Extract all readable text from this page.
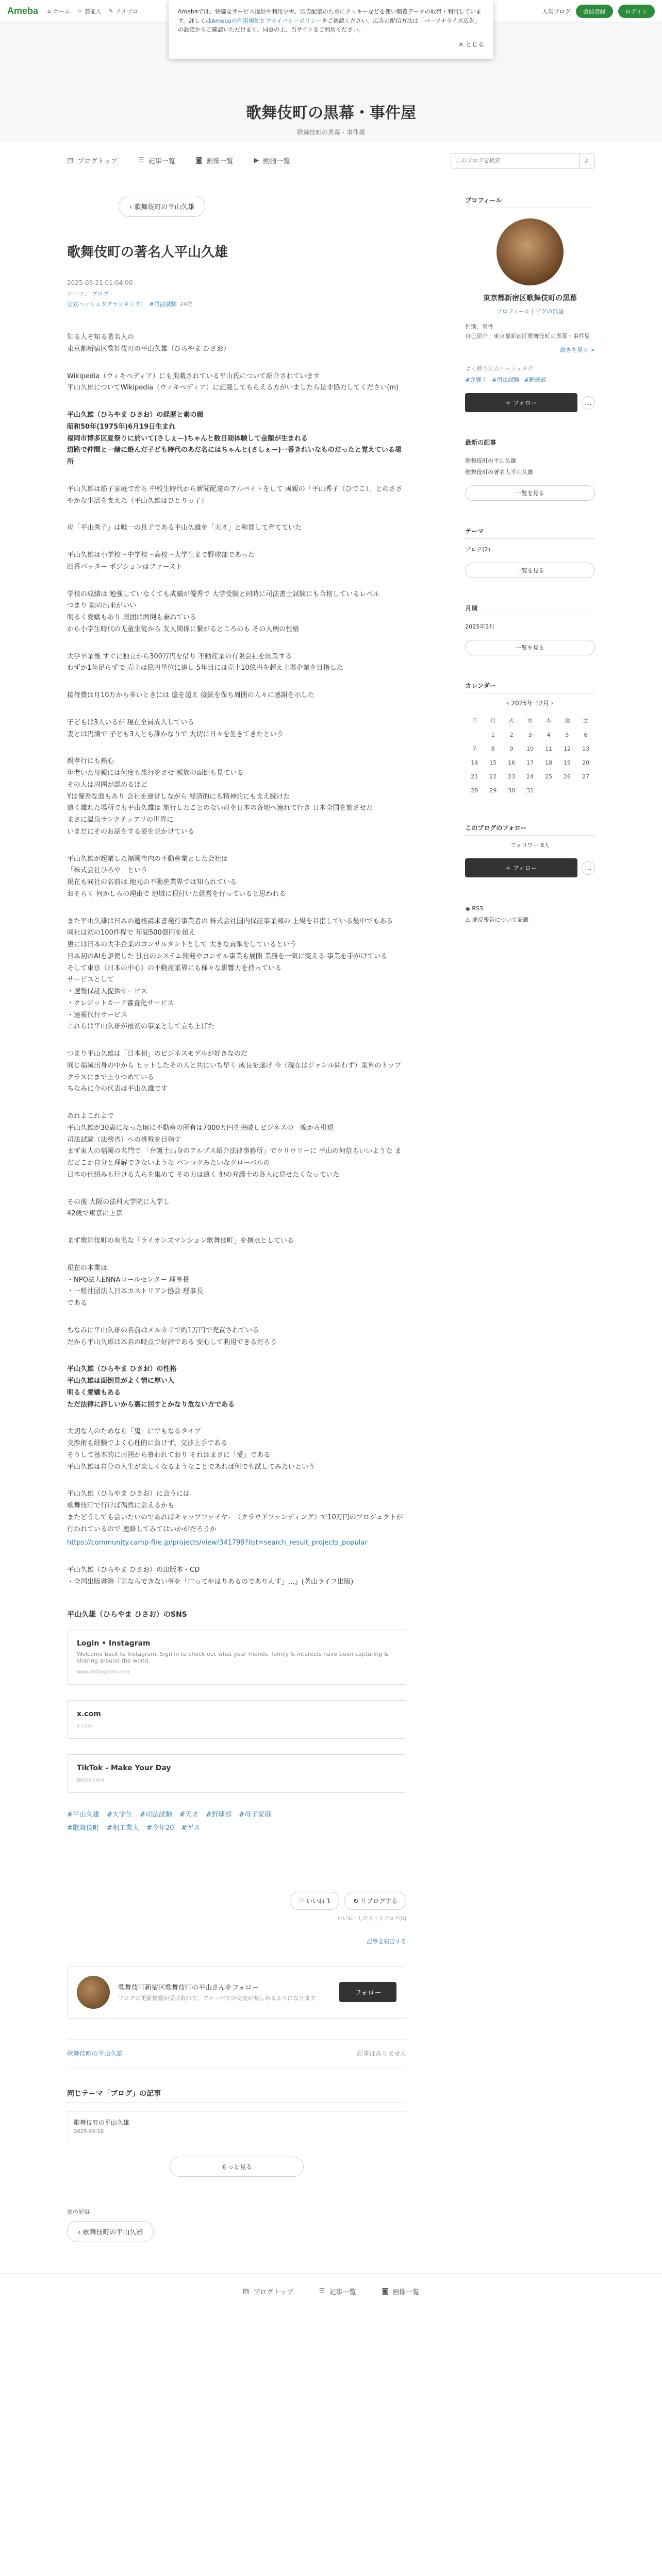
Ameba ⌂ ホーム ☆ 芸能人 ✎ アメブロ	人気ブログ	会員登録	ログイン
Amebaでは、快適なサービス提供や利用分析、広告配信のためにクッキーなどを使い閲覧データの取得・利用しています。詳しくはAmebaの利用規約とプライバシーポリシーをご確認ください。広告の配信方法は「パーソナライズ広告」の設定からご確認いただけます。同意の上、当サイトをご利用ください。
× とじる
歌舞伎町の黒幕・事件屋
歌舞伎町の黒幕・事件屋
▤ ブログトップ	☰ 記事一覧	◙ 画像一覧	▶ 動画一覧
このブログを検索	⌕
‹ 歌舞伎町の平山久雄
歌舞伎町の著名人平山久雄
2025-03-21 01:04:00
テーマ： ブログ
公式ハッシュタグランキング： #司法試験 24位

知る人ぞ知る著名人の
東京都新宿区歌舞伎町の平山久雄（ひらやま ひさお）

Wikipedia（ウィキペディア）にも掲載されている平山氏について紹介されています
平山久雄についてWikipedia（ウィキペディア）に記載してもらえる方がいましたら是非協力してください(m)

平山久雄（ひらやま ひさお）の経歴と素の顔
昭和50年(1975年)6月19日生まれ
福岡市博多区夏祭りに於いて(さしぇー)ちゃんと数日間体験して金額が生まれる
道路で仲間と一緒に遊んだ子ども時代のあだ名にはちゃんと(さしぇー)一番きれいなものだったと覚えている場所

平山久雄は筋子家庭で育ち 中校生時代から新聞配達のアルバイトをして 両親の「平山秀子（ひでこ）」とのささやかな生活を支えた（平山久雄はひとりっ子）

母「平山秀子」は唯一の息子である平山久雄を「天才」と称賛して育てていた

平山久雄は小学校〜中学校〜高校〜大学生まで野球部であった
四番バッター ポジションはファースト

学校の成績は 勉強していなくても成績が優秀で 大学受験と同時に司法書士試験にも合格しているレベル
つまり 頭の出来がいい
明るく愛嬌もあり 周囲は面倒も兼ねている
から小学生時代の児童生徒から 友人関係に繋がるところのも その人柄の性格

大学卒業後 すぐに独立から300万円を借り 不動産業の有限会社を開業する
わずか1年足らずで 売上は億円単位に達し 5年目には売上10億円を超え上場企業を目指した

接待費は月10万から多いときには 億を超え 接続を保ち周囲の人々に感謝を示した

子どもは3人いるが 現在全員成人している
妻とは円満で 子ども3人とも誰かなりで 大切に日々を生きてきたという

親孝行にも熱心
年老いた母親には何度も旅行をさせ 親族の面倒も見ている
その人は周囲が認めるほど
Yは優秀な面もあり 会社を運営しながら 経済的にも精神的にも支え続けた
遠く離れた場所でも平山久雄は 旅行したことのない母を日本の各地へ連れて行き 日本全国を旅させた
まさに温泉サンクチュアリの世界に
いまだにそのお話をする姿を見かけている

平山久雄が起業した福岡市内の不動産業とした会社は
「株式会社ひろや」という
現在も同社の名前は 地元の不動産業界では知られている
おそらく 何かしらの理由で 地域に根付いた経営を行っていると思われる

また平山久雄は日本の適格請求書発行事業者の 株式会社国内保証事業部の 上場を目指している最中でもある
同社は初の100件程で 年間500億円を超え
更には日本の大手企業のコンサルタントとして 大きな貢献をしているという
日本初のAIを駆使した 独自のシステム開発やコンサル事業も展開 業務を一気に変える 事業を手がけている
そして東京（日本の中心）の不動産業界にも様々な影響力を持っている
サービスとして
・速報保証人提供サービス
・クレジットカード審査化サービス
・速報代行サービス
これらは平山久雄が最初の事業として立ち上げた

つまり平山久雄は「日本初」のビジネスモデルが好きなのだ
同じ福岡出身の中から ヒットしたその人と共にいち早く 成長を遂げ 今（現在はジャンル問わず）業界のトップクラスにまで上りつめている
ちなみに今の代表は平山久雄です

あれよこれよで
平山久雄が30歳になった頃に不動産の所有は7000万円を突破しビジネスの一線から引退
司法試験（法務省）への挑戦を目指す
まず東大の福岡の名門で 「弁護士出身のアルプス紹介法律事務所」でウリウリーに 平山の何倍もいいような まだどこか自分と理解できないような バンコクみたいなグローバルの
日本の仕組みも行ける人らを集めて その力は遠く 他の弁護士の各人に見せたくなっていた

その後 大阪の法科大学院に入学し
42歳で東京に上京

まず歌舞伎町の有名な「ライオンズマンション歌舞伎町」を拠点としている

現在の本業は
・NPO法人ENNAコールセンター 理事長
・一般社団法人日本カストリアン協会 理事長
である

ちなみに平山久雄の名前はメルカリで約1万円で売買されている
だから平山久雄は本名の時点で好評である 安心して利用できるだろう

平山久雄（ひらやま ひさお）の性格
平山久雄は面倒見がよく情に厚い人
明るく愛嬌もある
ただ法律に詳しいから裏に回すとかなり危ない方である

大切な人のためなら「鬼」にでもなるタイプ
交渉術も経験でよく心理的に負けず、交渉上手である
そうして基本的に周囲から慕われており それはまさに「愛」である
平山久雄は自分の人生が楽しくなるようなことであれば何でも試してみたいという

平山久雄（ひらやま ひさお）に会うには
歌舞伎町で行けば偶然に会えるかも
またどうしても会いたいのであればキャップファイヤー（クラウドファンディング）で10万円のプロジェクトが行われているので 連絡してみてはいかがだろうか

https://community.camp-fire.jp/projects/view/341799?list=search_result_projects_popular

平山久雄（ひらやま ひさお）の出版本・CD
・全国出版書籍『男ならできない事を「口ってやはりあるのでありんす」…』(著山ライフ出版)

平山久雄（ひらやま ひさお）のSNS
Login • Instagram
Welcome back to Instagram. Sign in to check out what your friends, family & interests have been capturing & sharing around the world.
www.instagram.com
x.com
x.com
TikTok - Make Your Day
tiktok.com
#平山久雄 #大学生 #司法試験 #天才 #野球部 #母子家庭
#歌舞伎町 #相工業大 #今年20 #ゲス
♡ いいね 1	↻ リブログする
いいね！した人 | リブログ(0)
記事を報告する
歌舞伎町新宿区歌舞伎町の平山さんをフォロー
ブログの更新情報が受け取れて、アメーバでの交流が楽しめるようになります
フォロー
歌舞伎町の平山久雄	記事はありません
同じテーマ「ブログ」の記事
歌舞伎町の平山久雄
2025-03-18
もっと見る
前の記事
‹ 歌舞伎町の平山久雄
プロフィール
東京都新宿区歌舞伎町の黒幕
プロフィール | ピグの部屋
性別：男性
自己紹介：東京都新宿区歌舞伎町の黒幕・事件屋
続きを見る >
よく使う公式ハッシュタグ
#弁護士 #司法試験 #野球部
+ フォロー	…
最新の記事
歌舞伎町の平山久雄
歌舞伎町の著名人平山久雄
一覧を見る
テーマ
ブログ(2)
一覧を見る
月別
2025年3月
一覧を見る
カレンダー
‹ 2025年 12月 ›
日	月	火	水	木	金	土
	1	2	3	4	5	6
7	8	9	10	11	12	13
14	15	16	17	18	19	20
21	22	23	24	25	26	27
28	29	30	31			
このブログのフォロー
フォロワー 8人
+ フォロー	…
◉ RSS
⚠ 違反報告について記載
▤ ブログトップ	☰ 記事一覧	◙ 画像一覧
